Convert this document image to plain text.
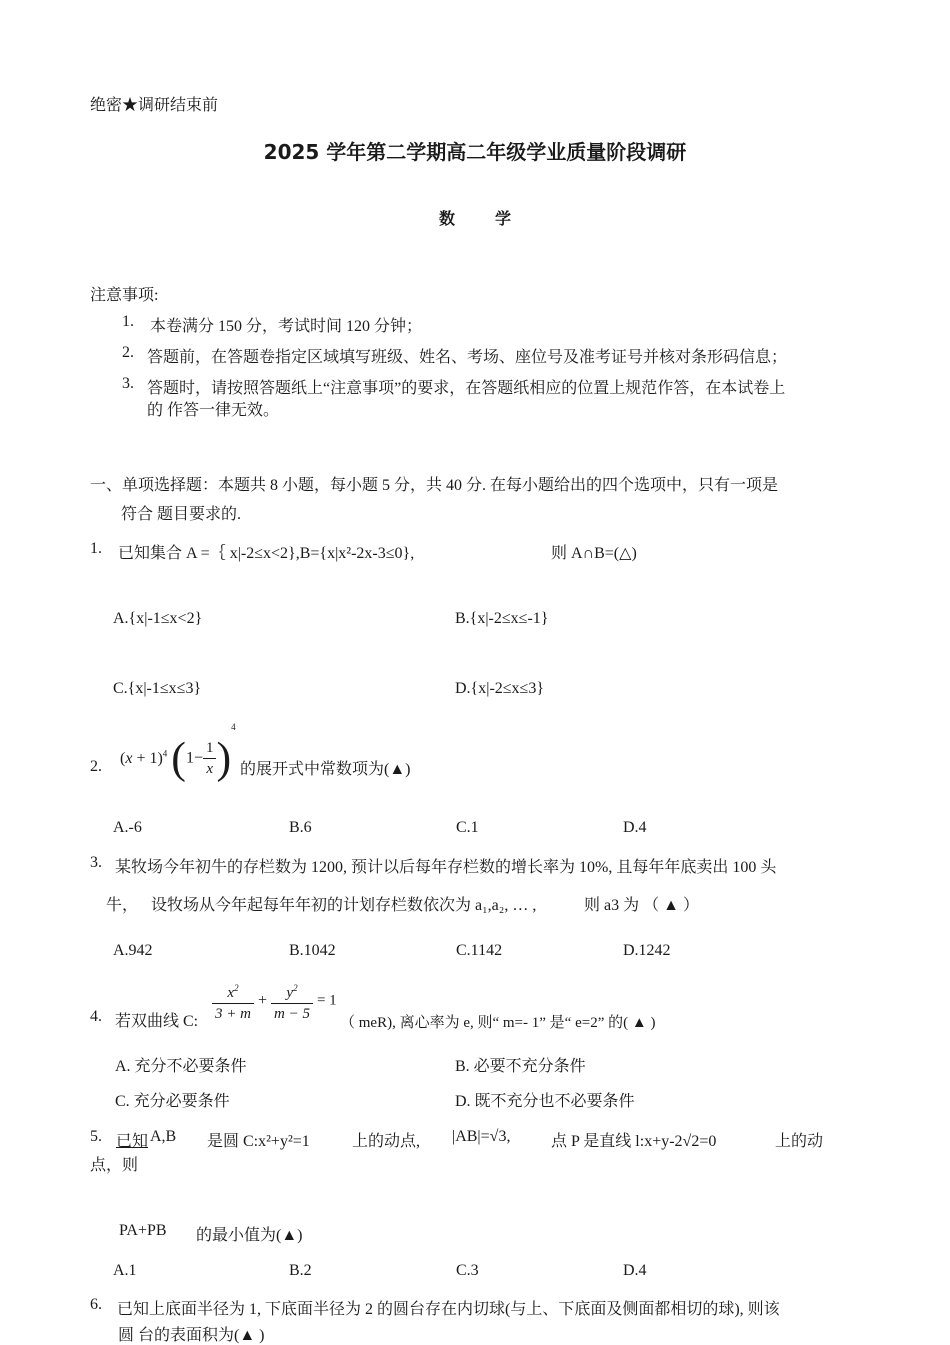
绝密★调研结束前
2025 学年第二学期高二年级学业质量阶段调研
数学
注意事项:
1. 本卷满分 150 分，考试时间 120 分钟；
2. 答题前，在答题卷指定区域填写班级、姓名、考场、座位号及准考证号并核对条形码信息；
3. 答题时，请按照答题纸上“注意事项”的要求，在答题纸相应的位置上规范作答，在本试卷上
的 作答一律无效。
一、单项选择题：本题共 8 小题，每小题 5 分，共 40 分. 在每小题给出的四个选项中，只有一项是
符合 题目要求的.
1. 已知集合 A =｛ x|-2≤x<2},B={x|x²-2x-3≤0},	则 A∩B=(△)
A.{x|-1≤x<2}	B.{x|-2≤x≤-1}
C.{x|-1≤x≤3}	D.{x|-2≤x≤3}
2. $(x + 1)^4$ $(1- \frac{1}{x} )^4$
的展开式中常数项为(▲)
A.-6	B.6	C.1	D.4
3. 某牧场今年初牛的存栏数为 1200, 预计以后每年存栏数的增长率为 10%, 且每年年底卖出 100 头
牛， 设牧场从今年起每年年初的计划存栏数依次为 a₁,a₂, … ,	则 a3 为 （ ▲ ）
A.942	B.1042	C.1142	D.1242
4. 若双曲线 C: $\frac{x^2}{3 + m} + \frac{y^2}{m - 5} = 1$
（ meR), 离心率为 e, 则“ m=- 1” 是“ e=2” 的( ▲ )
A. 充分不必要条件	B. 必要不充分条件
C. 充分必要条件	D. 既不充分也不必要条件
5. 已知 A,B 是圆 C:x²+y²=1	上的动点, |AB|=√3,	点 P 是直线 l:x+y-2√2=0	上的动
点，则
PA+PB 的最小值为(▲)
A.1	B.2	C.3	D.4
6. 已知上底面半径为 1, 下底面半径为 2 的圆台存在内切球(与上、下底面及侧面都相切的球), 则该
圆 台的表面积为(▲ )
